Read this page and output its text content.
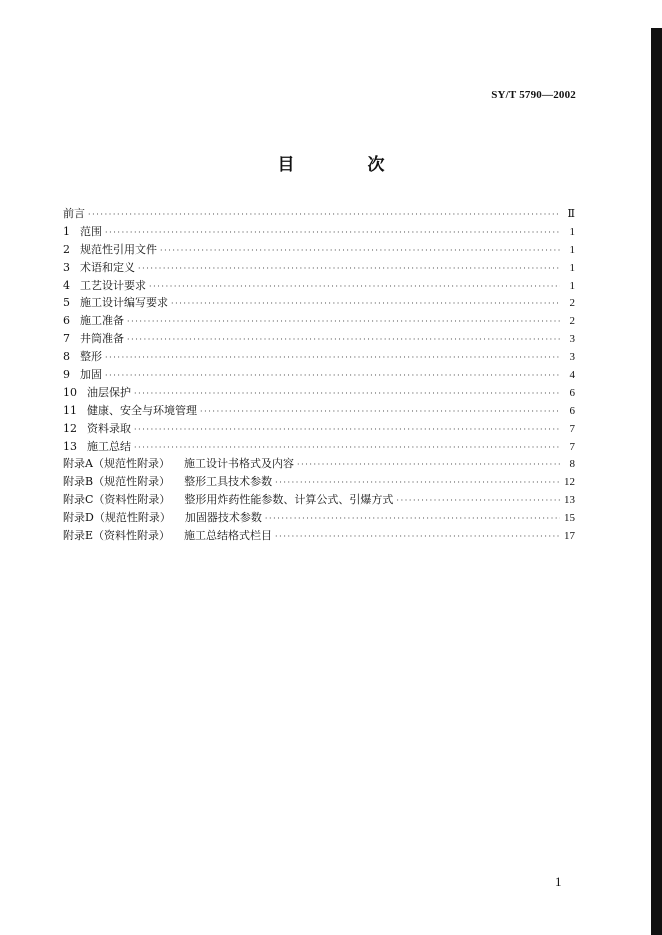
SY/T 5790—2002
目　次
前言 ·····	Ⅱ
1 范围 ·····	1
2 规范性引用文件 ·····	1
3 术语和定义 ·····	1
4 工艺设计要求 ·····	1
5 施工设计编写要求 ·····	2
6 施工准备 ·····	2
7 井筒准备 ·····	3
8 整形 ·····	3
9 加固 ·····	4
10 油层保护 ·····	6
11 健康、安全与环境管理 ·····	6
12 资料录取 ·····	7
13 施工总结 ·····	7
附录A（规范性附录） 施工设计书格式及内容 ·····	8
附录B（规范性附录） 整形工具技术参数 ·····	12
附录C（资料性附录） 整形用炸药性能参数、计算公式、引爆方式 ·····	13
附录D（规范性附录） 加固器技术参数 ·····	15
附录E（资料性附录） 施工总结格式栏目 ·····	17
1
